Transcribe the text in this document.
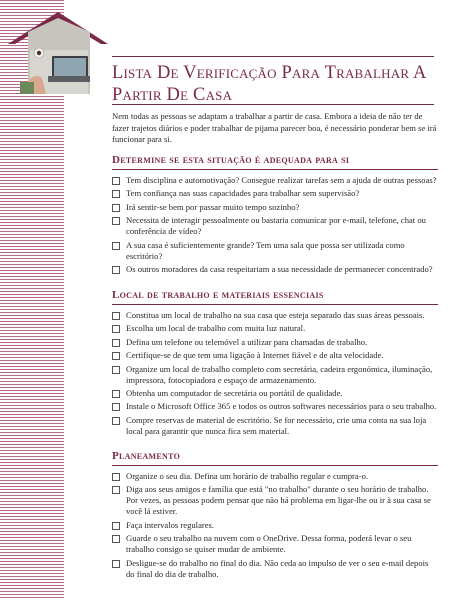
Lista De Verificação Para Trabalhar A Partir De Casa

Nem todas as pessoas se adaptam a trabalhar a partir de casa. Embora a ideia de não ter de fazer trajetos diários e poder trabalhar de pijama parecer boa, é necessário ponderar bem se irá funcionar para si.

Determine se esta situação é adequada para si
Tem disciplina e automotivação? Consegue realizar tarefas sem a ajuda de outras pessoas?
Tem confiança nas suas capacidades para trabalhar sem supervisão?
Irá sentir-se bem por passar muito tempo sozinho?
Necessita de interagir pessoalmente ou bastaria comunicar por e-mail, telefone, chat ou conferência de vídeo?
A sua casa é suficientemente grande? Tem uma sala que possa ser utilizada como escritório?
Os outros moradores da casa respeitariam a sua necessidade de permanecer concentrado?
Local de trabalho e materiais essenciais
Constitua um local de trabalho na sua casa que esteja separado das suas áreas pessoais.
Escolha um local de trabalho com muita luz natural.
Defina um telefone ou telemóvel a utilizar para chamadas de trabalho.
Certifique-se de que tem uma ligação à Internet fiável e de alta velocidade.
Organize um local de trabalho completo com secretária, cadeira ergonómica, iluminação, impressora, fotocopiadora e espaço de armazenamento.
Obtenha um computador de secretária ou portátil de qualidade.
Instale o Microsoft Office 365 e todos os outros softwares necessários para o seu trabalho.
Compre reservas de material de escritório. Se for necessário, crie uma conta na sua loja local para garantir que nunca fica sem material.
Planeamento
Organize o seu dia. Defina um horário de trabalho regular e cumpra-o.
Diga aos seus amigos e família que está "no trabalho" durante o seu horário de trabalho. Por vezes, as pessoas podem pensar que não há problema em ligar-lhe ou ir à sua casa se você lá estiver.
Faça intervalos regulares.
Guarde o seu trabalho na nuvem com o OneDrive. Dessa forma, poderá levar o seu trabalho consigo se quiser mudar de ambiente.
Desligue-se do trabalho no final do dia. Não ceda ao impulso de ver o seu e-mail depois do final do dia de trabalho.
